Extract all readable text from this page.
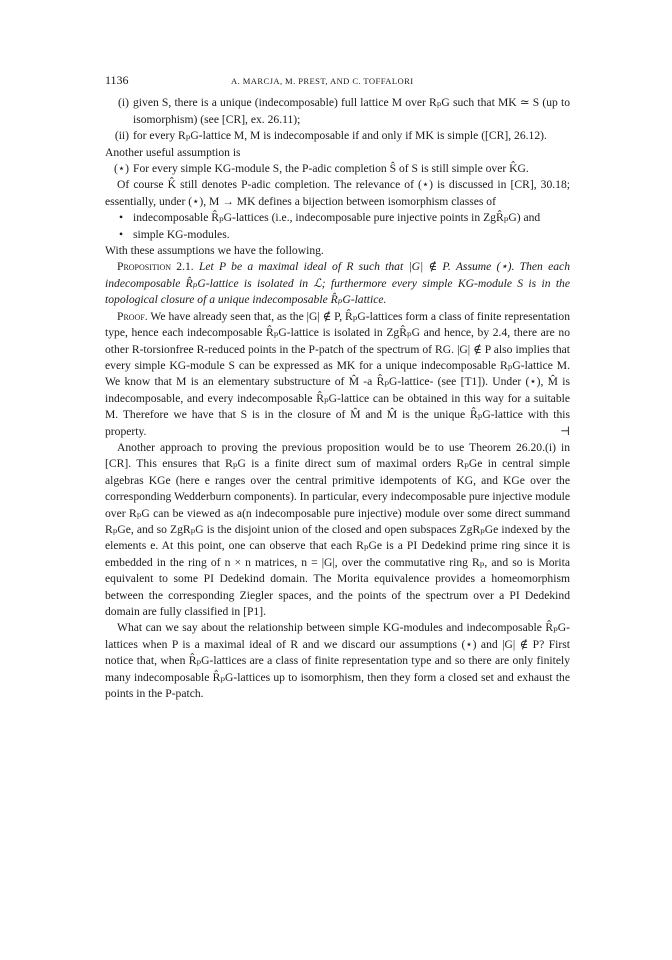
1136	A. MARCJA, M. PREST, AND C. TOFFALORI
(i) given S, there is a unique (indecomposable) full lattice M over RₚG such that MK ≃ S (up to isomorphism) (see [CR], ex. 26.11);
(ii) for every RₚG-lattice M, M is indecomposable if and only if MK is simple ([CR], 26.12).

Another useful assumption is

(⋆) For every simple KG-module S, the P-adic completion Ŝ of S is still simple over K̂G.

Of course K̂ still denotes P-adic completion. The relevance of (⋆) is discussed in [CR], 30.18; essentially, under (⋆), M → MK defines a bijection between isomorphism classes of

• indecomposable R̂ₚG-lattices (i.e., indecomposable pure injective points in ZgR̂ₚG) and
• simple KG-modules.

With these assumptions we have the following.

Proposition 2.1. Let P be a maximal ideal of R such that |G| ∉ P. Assume (⋆). Then each indecomposable R̂ₚG-lattice is isolated in ℒ; furthermore every simple KG-module S is in the topological closure of a unique indecomposable R̂ₚG-lattice.

Proof. We have already seen that, as the |G| ∉ P, R̂ₚG-lattices form a class of finite representation type, hence each indecomposable R̂ₚG-lattice is isolated in ZgR̂ₚG and hence, by 2.4, there are no other R-torsionfree R-reduced points in the P-patch of the spectrum of RG. |G| ∉ P also implies that every simple KG-module S can be expressed as MK for a unique indecomposable RₚG-lattice M. We know that M is an elementary substructure of M̂ -a R̂ₚG-lattice- (see [T1]). Under (⋆), M̂ is indecomposable, and every indecomposable R̂ₚG-lattice can be obtained in this way for a suitable M. Therefore we have that S is in the closure of M̂ and M̂ is the unique R̂ₚG-lattice with this property.	⊣

Another approach to proving the previous proposition would be to use Theorem 26.20.(i) in [CR]. This ensures that RₚG is a finite direct sum of maximal orders RₚGe in central simple algebras KGe (here e ranges over the central primitive idempotents of KG, and KGe over the corresponding Wedderburn components). In particular, every indecomposable pure injective module over RₚG can be viewed as a(n indecomposable pure injective) module over some direct summand RₚGe, and so ZgRₚG is the disjoint union of the closed and open subspaces ZgRₚGe indexed by the elements e. At this point, one can observe that each RₚGe is a PI Dedekind prime ring since it is embedded in the ring of n × n matrices, n = |G|, over the commutative ring Rₚ, and so is Morita equivalent to some PI Dedekind domain. The Morita equivalence provides a homeomorphism between the corresponding Ziegler spaces, and the points of the spectrum over a PI Dedekind domain are fully classified in [P1].

What can we say about the relationship between simple KG-modules and indecomposable R̂ₚG-lattices when P is a maximal ideal of R and we discard our assumptions (⋆) and |G| ∉ P? First notice that, when R̂ₚG-lattices are a class of finite representation type and so there are only finitely many indecomposable R̂ₚG-lattices up to isomorphism, then they form a closed set and exhaust the points in the P-patch.
